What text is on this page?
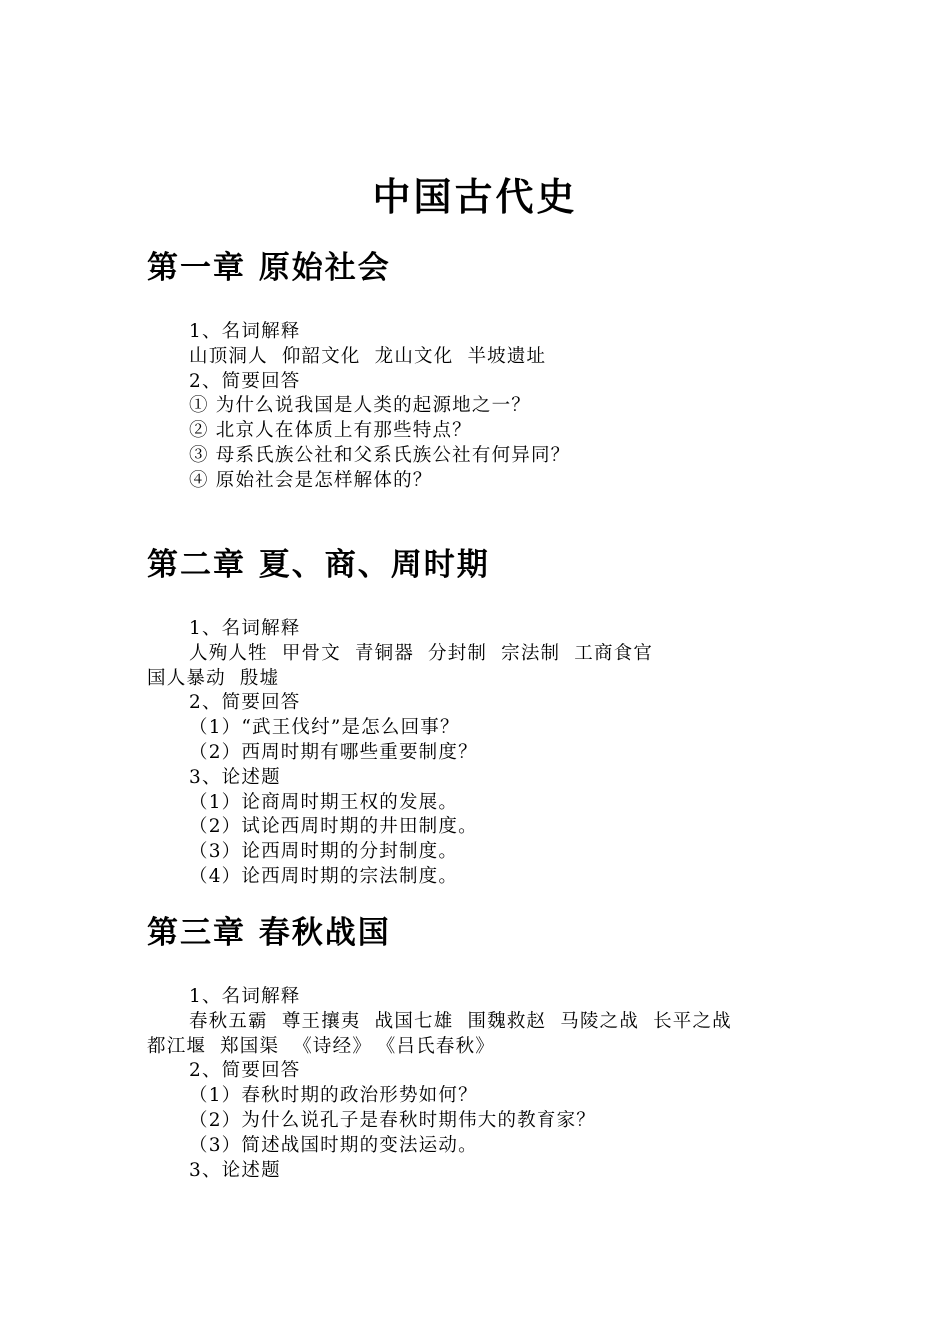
中国古代史
第一章 原始社会
1、名词解释
山顶洞人 仰韶文化 龙山文化 半坡遗址
2、简要回答
① 为什么说我国是人类的起源地之一？
② 北京人在体质上有那些特点？
③ 母系氏族公社和父系氏族公社有何异同？
④ 原始社会是怎样解体的？
第二章 夏、商、周时期
1、名词解释
人殉人牲 甲骨文 青铜器 分封制 宗法制 工商食官
国人暴动 殷墟
2、简要回答
（1）“武王伐纣”是怎么回事？
（2）西周时期有哪些重要制度？
3、论述题
（1）论商周时期王权的发展。
（2）试论西周时期的井田制度。
（3）论西周时期的分封制度。
（4）论西周时期的宗法制度。
第三章 春秋战国
1、名词解释
春秋五霸 尊王攘夷 战国七雄 围魏救赵 马陵之战 长平之战
都江堰 郑国渠 《诗经》 《吕氏春秋》
2、简要回答
（1）春秋时期的政治形势如何？
（2）为什么说孔子是春秋时期伟大的教育家？
（3）简述战国时期的变法运动。
3、论述题
